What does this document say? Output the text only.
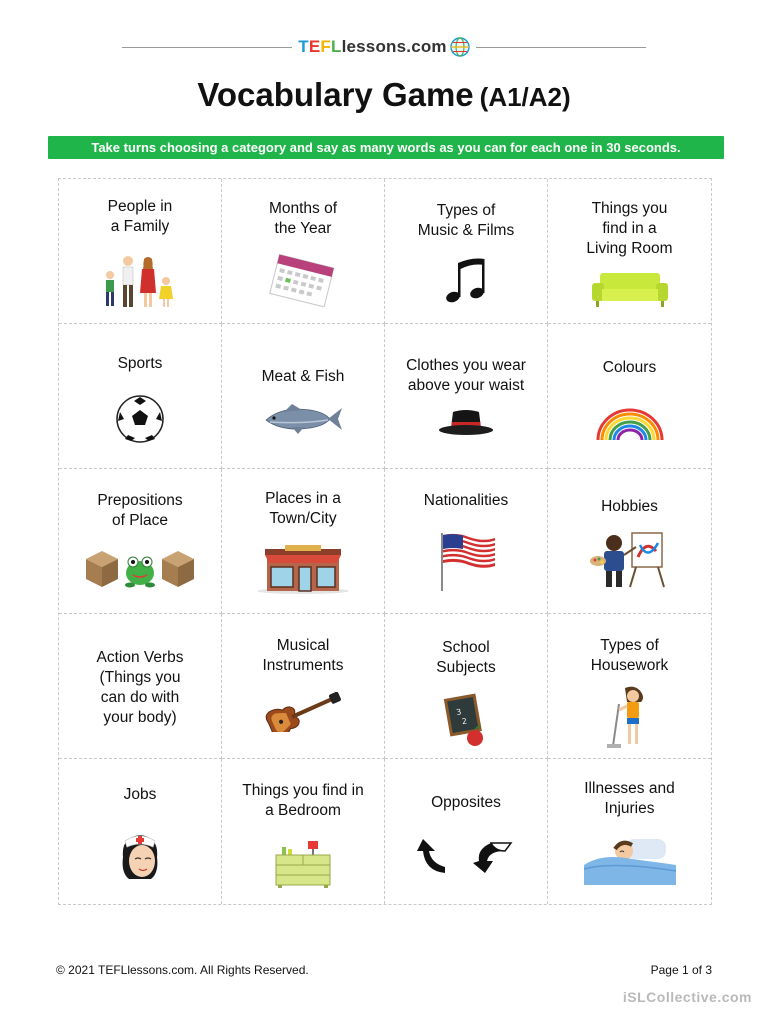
T E F L lessons.com
Vocabulary Game (A1/A2)
Take turns choosing a category and say as many words as you can for each one in 30 seconds.
People in
a Family
Months of
the Year
Types of
Music & Films
Things you
find in a
Living Room
Sports
Meat & Fish
Clothes you wear
above your waist
Colours
Prepositions
of Place
Places in a
Town/City
Nationalities	Hobbies
Action Verbs
(Things you
can do with
your body)
Musical
Instruments
School
Subjects
3
2
Types of
Housework
Jobs	Things you find in
a Bedroom	Opposites
Illnesses and
Injuries
© 2021 TEFLlessons.com. All Rights Reserved.	Page 1 of 3
iSLCollective.com
